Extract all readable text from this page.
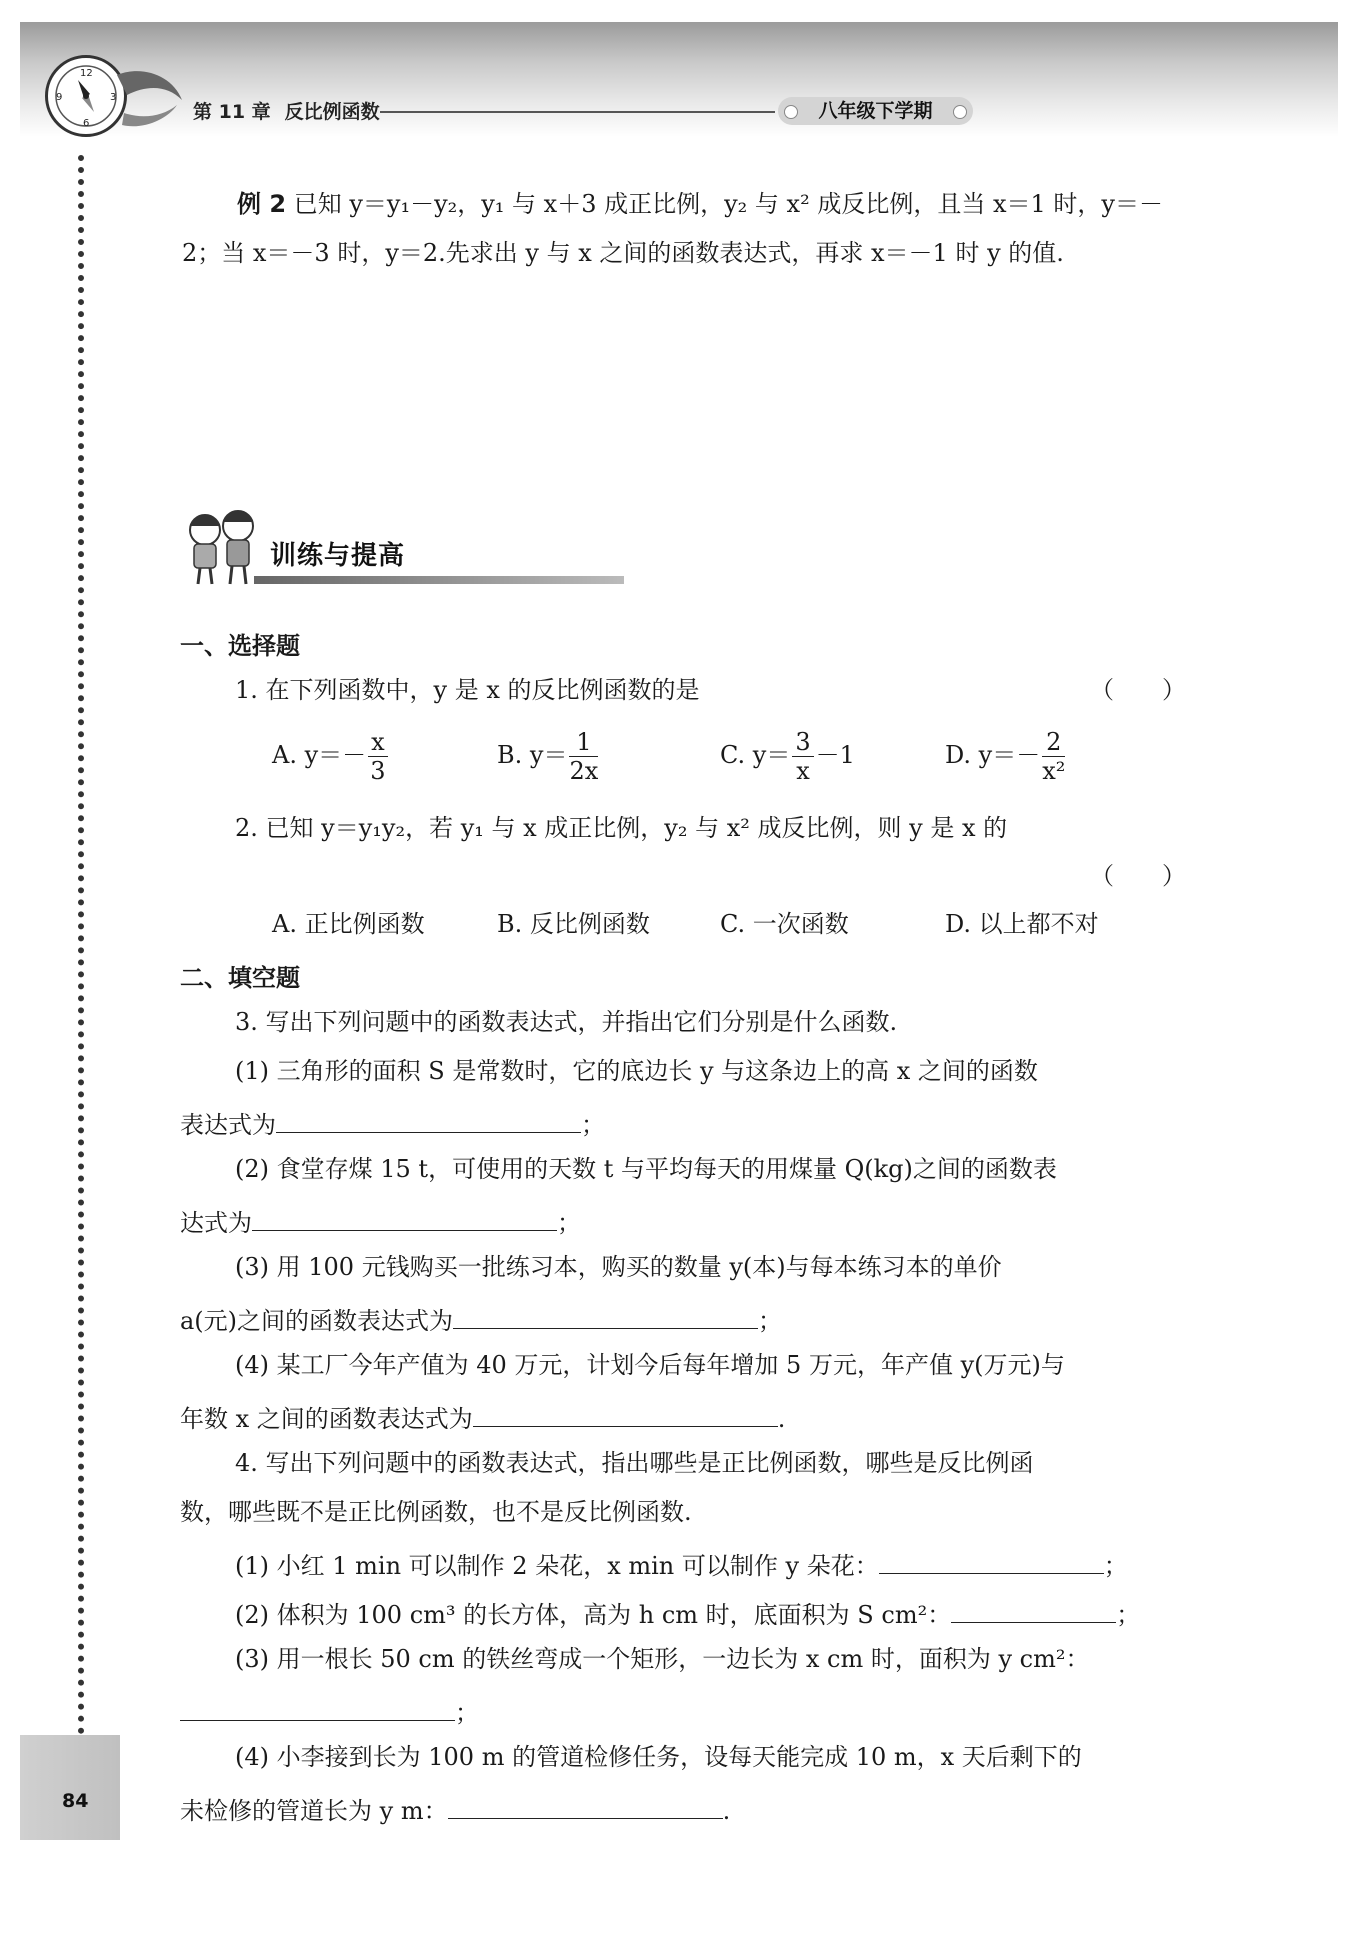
12
3
6
9
第 11 章 反比例函数	八年级下学期
84

例 2 已知 y＝y₁－y₂，y₁ 与 x＋3 成正比例，y₂ 与 x² 成反比例，且当 x＝1 时，y＝－2；当 x＝－3 时，y＝2.先求出 y 与 x 之间的函数表达式，再求 x＝－1 时 y 的值.

训练与提高
一、选择题
1. 在下列函数中，y 是 x 的反比例函数的是	（　　）
A. $y=- \frac{x}{3}$	B. $y= \frac{1}{2x}$	C. $y= \frac{3}{x} -1$	D. $y=- \frac{2}{\text{x²}}$
2. 已知 y＝y₁y₂，若 y₁ 与 x 成正比例，y₂ 与 x² 成反比例，则 y 是 x 的
（　　）
A. 正比例函数	B. 反比例函数	C. 一次函数	D. 以上都不对
二、填空题
3. 写出下列问题中的函数表达式，并指出它们分别是什么函数.
(1) 三角形的面积 S 是常数时，它的底边长 y 与这条边上的高 x 之间的函数
表达式为	；
(2) 食堂存煤 15 t，可使用的天数 t 与平均每天的用煤量 Q(kg)之间的函数表
达式为	；
(3) 用 100 元钱购买一批练习本，购买的数量 y(本)与每本练习本的单价
a(元)之间的函数表达式为	；
(4) 某工厂今年产值为 40 万元，计划今后每年增加 5 万元，年产值 y(万元)与
年数 x 之间的函数表达式为	.
4. 写出下列问题中的函数表达式，指出哪些是正比例函数，哪些是反比例函
数，哪些既不是正比例函数，也不是反比例函数.
(1) 小红 1 min 可以制作 2 朵花，x min 可以制作 y 朵花：	；
(2) 体积为 100 cm³ 的长方体，高为 h cm 时，底面积为 S cm²：	；
(3) 用一根长 50 cm 的铁丝弯成一个矩形，一边长为 x cm 时，面积为 y cm²：
；
(4) 小李接到长为 100 m 的管道检修任务，设每天能完成 10 m，x 天后剩下的
未检修的管道长为 y m：	.
